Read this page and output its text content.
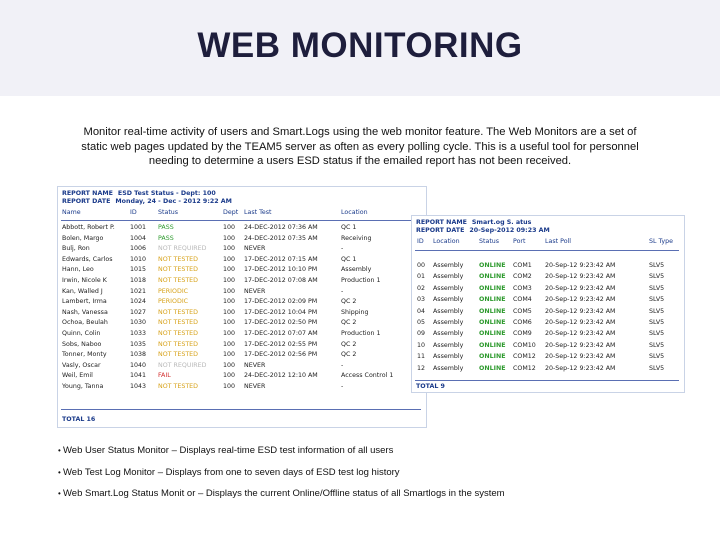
WEB MONITORING
Monitor real-time activity of users and Smart.Logs using the web monitor feature. The Web Monitors are a set of static web pages updated by the TEAM5 server as often as every polling cycle. This is a useful tool for personnel needing to determine a users ESD status if the emailed report has not been received.
REPORT NAME ESD Test Status - Dept: 100
REPORT DATE Monday, 24 - Dec - 2012 9:22 AM
Name	ID	Status	Dept Last Test	Location
Abbott, Robert P. 1001 PASS	100 24-DEC-2012 07:36 AM	QC 1
Bolen, Margo	1004 PASS	100 24-DEC-2012 07:35 AM	Receiving
Bulj, Ron	1006 NOT REQUIRED	100 NEVER	-
Edwards, Carlos	1010 NOT TESTED	100 17-DEC-2012 07:15 AM	QC 1
Hann, Leo	1015 NOT TESTED	100 17-DEC-2012 10:10 PM	Assembly
Irwin, Nicole K	1018 NOT TESTED	100 17-DEC-2012 07:08 AM	Production 1
Kan, Walled J	1021 PERIODIC	100 NEVER	-
Lambert, Irma	1024 PERIODIC	100 17-DEC-2012 02:09 PM	QC 2
Nash, Vanessa	1027 NOT TESTED	100 17-DEC-2012 10:04 PM	Shipping
Ochoa, Beulah	1030 NOT TESTED	100 17-DEC-2012 02:50 PM	QC 2
Quinn, Colin	1033 NOT TESTED	100 17-DEC-2012 07:07 AM	Production 1
Sobs, Naboo	1035 NOT TESTED	100 17-DEC-2012 02:55 PM	QC 2
Tonner, Monty	1038 NOT TESTED	100 17-DEC-2012 02:56 PM	QC 2
Vasly, Oscar	1040 NOT REQUIRED	100 NEVER	-
Weil, Emil	1041 FAIL	100 24-DEC-2012 12:10 AM	Access Control 1
Young, Tanna	1043 NOT TESTED	100 NEVER	-
TOTAL 16
REPORT NAME Smart.og S. atus
REPORT DATE 20-Sep-2012 09:23 AM
ID Location	Status Port	Last Poll	SL Type
00 Assembly ONLINE COM1 20-Sep-12 9:23:42 AM	SLV5
01 Assembly ONLINE COM2 20-Sep-12 9:23:42 AM	SLV5
02 Assembly ONLINE COM3 20-Sep-12 9:23:42 AM	SLV5
03 Assembly ONLINE COM4 20-Sep-12 9:23:42 AM	SLV5
04 Assembly ONLINE COM5 20-Sep-12 9:23:42 AM	SLV5
05 Assembly ONLINE COM6 20-Sep-12 9:23:42 AM	SLV5
09 Assembly ONLINE COM9 20-Sep-12 9:23:42 AM	SLV5
10 Assembly ONLINE COM10 20-Sep-12 9:23:42 AM	SLV5
11 Assembly ONLINE COM12 20-Sep-12 9:23:42 AM	SLV5
12 Assembly ONLINE COM12 20-Sep-12 9:23:42 AM	SLV5
TOTAL 9
• Web User Status Monitor – Displays real-time ESD test information of all users
• Web Test Log Monitor – Displays from one to seven days of ESD test log history
• Web Smart.Log Status Monit or – Displays the current Online/Offline status of all Smartlogs in the system
